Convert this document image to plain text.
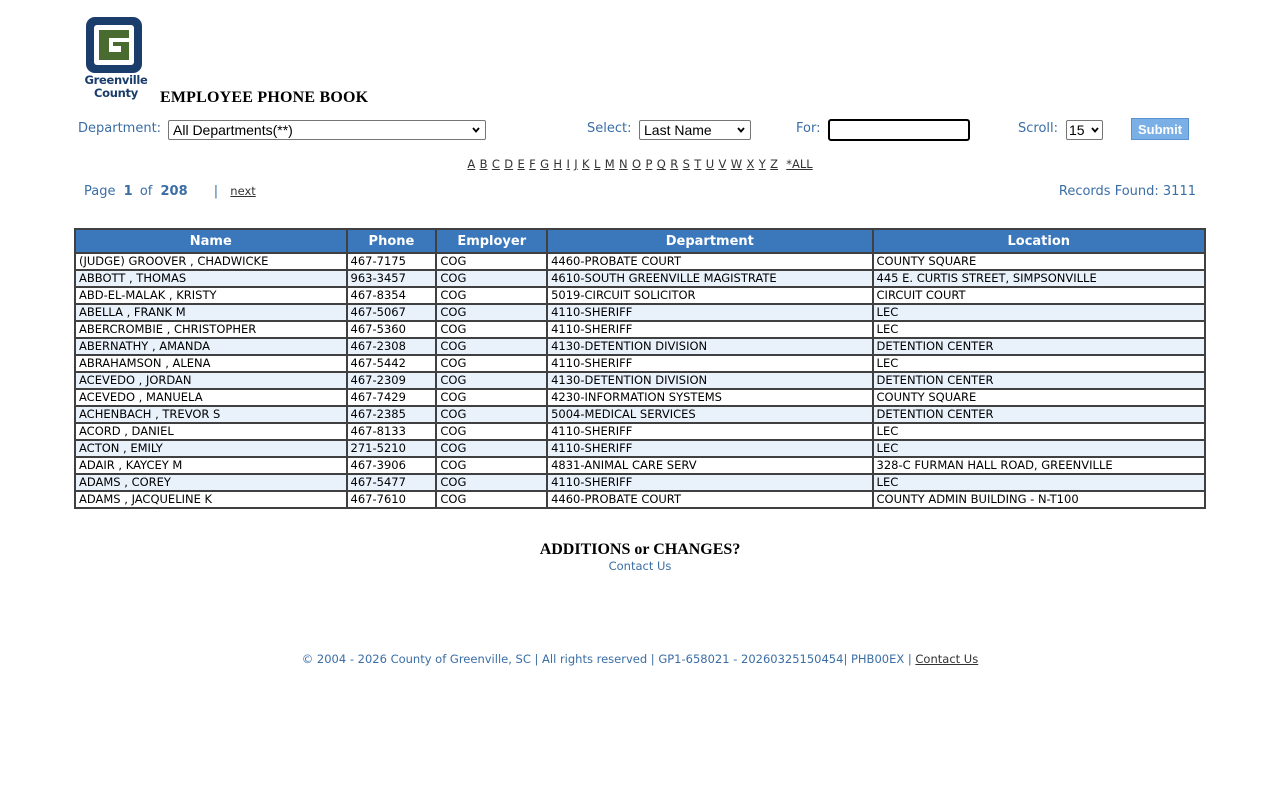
Greenville
County	EMPLOYEE PHONE BOOK
Department: All Departments(**)	Select: Last Name	For:	Scroll: 15	Submit
A B C D E F G H I J K L M N O P Q R S T U V W X Y Z *ALL
Page 1 of 208 | next	Records Found: 3111
Name	Phone	Employer	Department	Location
(JUDGE) GROOVER , CHADWICKE	467-7175	COG	4460-PROBATE COURT	COUNTY SQUARE
ABBOTT , THOMAS	963-3457	COG	4610-SOUTH GREENVILLE MAGISTRATE	445 E. CURTIS STREET, SIMPSONVILLE
ABD-EL-MALAK , KRISTY	467-8354	COG	5019-CIRCUIT SOLICITOR	CIRCUIT COURT
ABELLA , FRANK M	467-5067	COG	4110-SHERIFF	LEC
ABERCROMBIE , CHRISTOPHER	467-5360	COG	4110-SHERIFF	LEC
ABERNATHY , AMANDA	467-2308	COG	4130-DETENTION DIVISION	DETENTION CENTER
ABRAHAMSON , ALENA	467-5442	COG	4110-SHERIFF	LEC
ACEVEDO , JORDAN	467-2309	COG	4130-DETENTION DIVISION	DETENTION CENTER
ACEVEDO , MANUELA	467-7429	COG	4230-INFORMATION SYSTEMS	COUNTY SQUARE
ACHENBACH , TREVOR S	467-2385	COG	5004-MEDICAL SERVICES	DETENTION CENTER
ACORD , DANIEL	467-8133	COG	4110-SHERIFF	LEC
ACTON , EMILY	271-5210	COG	4110-SHERIFF	LEC
ADAIR , KAYCEY M	467-3906	COG	4831-ANIMAL CARE SERV	328-C FURMAN HALL ROAD, GREENVILLE
ADAMS , COREY	467-5477	COG	4110-SHERIFF	LEC
ADAMS , JACQUELINE K	467-7610	COG	4460-PROBATE COURT	COUNTY ADMIN BUILDING - N-T100
ADDITIONS or CHANGES?
Contact Us
© 2004 - 2026 County of Greenville, SC | All rights reserved | GP1-658021 - 20260325150454| PHB00EX | Contact Us
